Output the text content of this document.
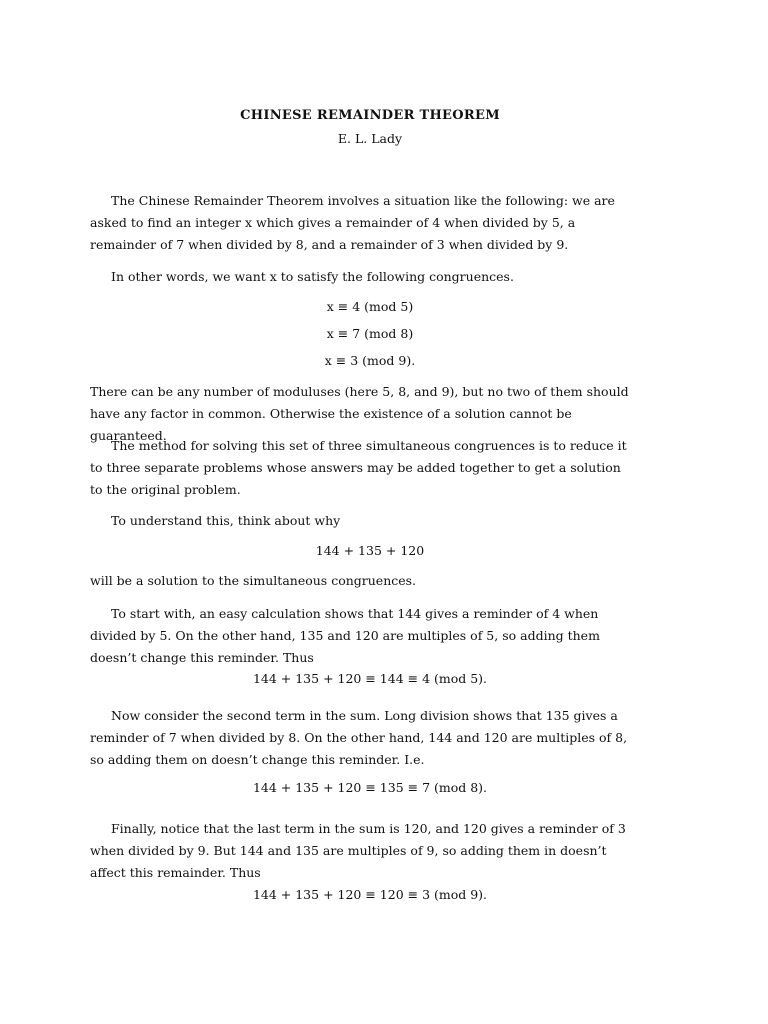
CHINESE REMAINDER THEOREM
E. L. Lady

The Chinese Remainder Theorem involves a situation like the following: we are asked to find an integer x which gives a remainder of 4 when divided by 5, a remainder of 7 when divided by 8, and a remainder of 3 when divided by 9.

In other words, we want x to satisfy the following congruences.

x ≡ 4 (mod 5)

x ≡ 7 (mod 8)

x ≡ 3 (mod 9).

There can be any number of moduluses (here 5, 8, and 9), but no two of them should have any factor in common. Otherwise the existence of a solution cannot be guaranteed.

The method for solving this set of three simultaneous congruences is to reduce it to three separate problems whose answers may be added together to get a solution to the original problem.

To understand this, think about why

144 + 135 + 120

will be a solution to the simultaneous congruences.

To start with, an easy calculation shows that 144 gives a reminder of 4 when divided by 5. On the other hand, 135 and 120 are multiples of 5, so adding them doesn’t change this reminder. Thus

144 + 135 + 120 ≡ 144 ≡ 4 (mod 5).

Now consider the second term in the sum. Long division shows that 135 gives a reminder of 7 when divided by 8. On the other hand, 144 and 120 are multiples of 8, so adding them on doesn’t change this reminder. I.e.

144 + 135 + 120 ≡ 135 ≡ 7 (mod 8).

Finally, notice that the last term in the sum is 120, and 120 gives a reminder of 3 when divided by 9. But 144 and 135 are multiples of 9, so adding them in doesn’t affect this remainder. Thus

144 + 135 + 120 ≡ 120 ≡ 3 (mod 9).
